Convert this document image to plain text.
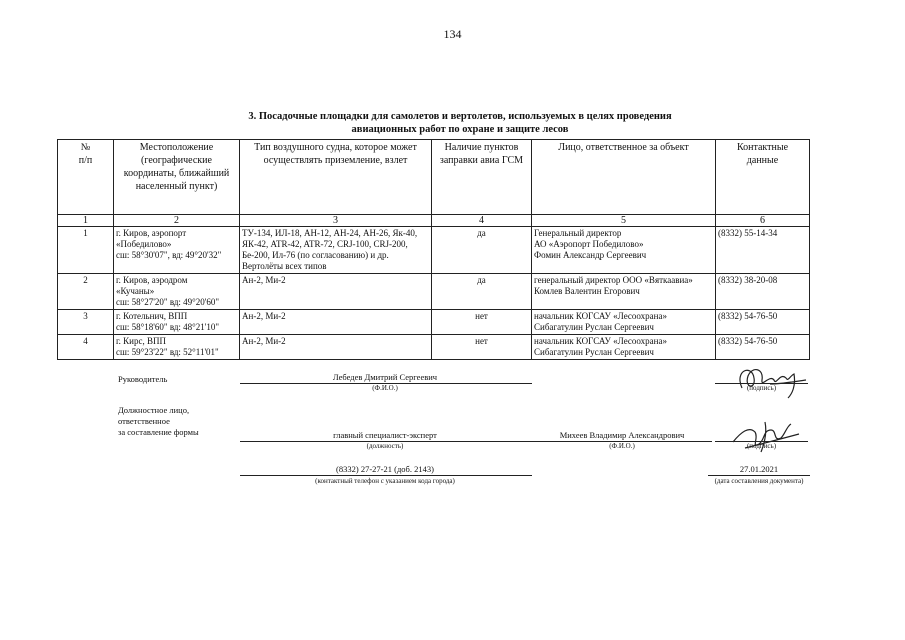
134
3. Посадочные площадки для самолетов и вертолетов, используемых в целях проведения
авиационных работ по охране и защите лесов
№
п/п	Местоположение
(географические
координаты, ближайший
населенный пункт)	Тип воздушного судна, которое может
осуществлять приземление, взлет	Наличие пунктов
заправки авиа ГСМ	Лицо, ответственное за объект	Контактные
данные
1	2	3	4	5	6
1	г. Киров, аэропорт
«Победилово»
сш: 58°30'07", вд: 49°20'32"	ТУ-134, ИЛ-18, АН-12, АН-24, АН-26, Як-40, ЯК-42, ATR-42, ATR-72, CRJ-100, CRJ-200, Бе-200, Ил-76 (по согласованию) и др. Вертолёты всех типов	да	Генеральный директор
АО «Аэропорт Победилово»
Фомин Александр Сергеевич	(8332) 55-14-34
2	г. Киров, аэродром
«Кучаны»
сш: 58°27'20" вд: 49°20'60"	Ан-2, Ми-2	да	генеральный директор ООО «Вяткаавиа»
Комлев Валентин Егорович	(8332) 38-20-08
3	г. Котельнич, ВПП
сш: 58°18'60" вд: 48°21'10"	Ан-2, Ми-2	нет	начальник КОГСАУ «Лесоохрана»
Сибагатулин Руслан Сергеевич	(8332) 54-76-50
4	г. Кирс, ВПП
сш: 59°23'22" вд: 52°11'01"	Ан-2, Ми-2	нет	начальник КОГСАУ «Лесоохрана»
Сибагатулин Руслан Сергеевич	(8332) 54-76-50
Руководитель	Лебедев Дмитрий Сергеевич
(Ф.И.О.)	(подпись)
Должностное лицо,
ответственное
за составление формы	главный специалист-эксперт
(должность)
Михеев Владимир Александрович
(Ф.И.О.)	(подпись)
(8332) 27-27-21 (доб. 2143)
(контактный телефон с указанием кода города)
27.01.2021
(дата составления документа)
